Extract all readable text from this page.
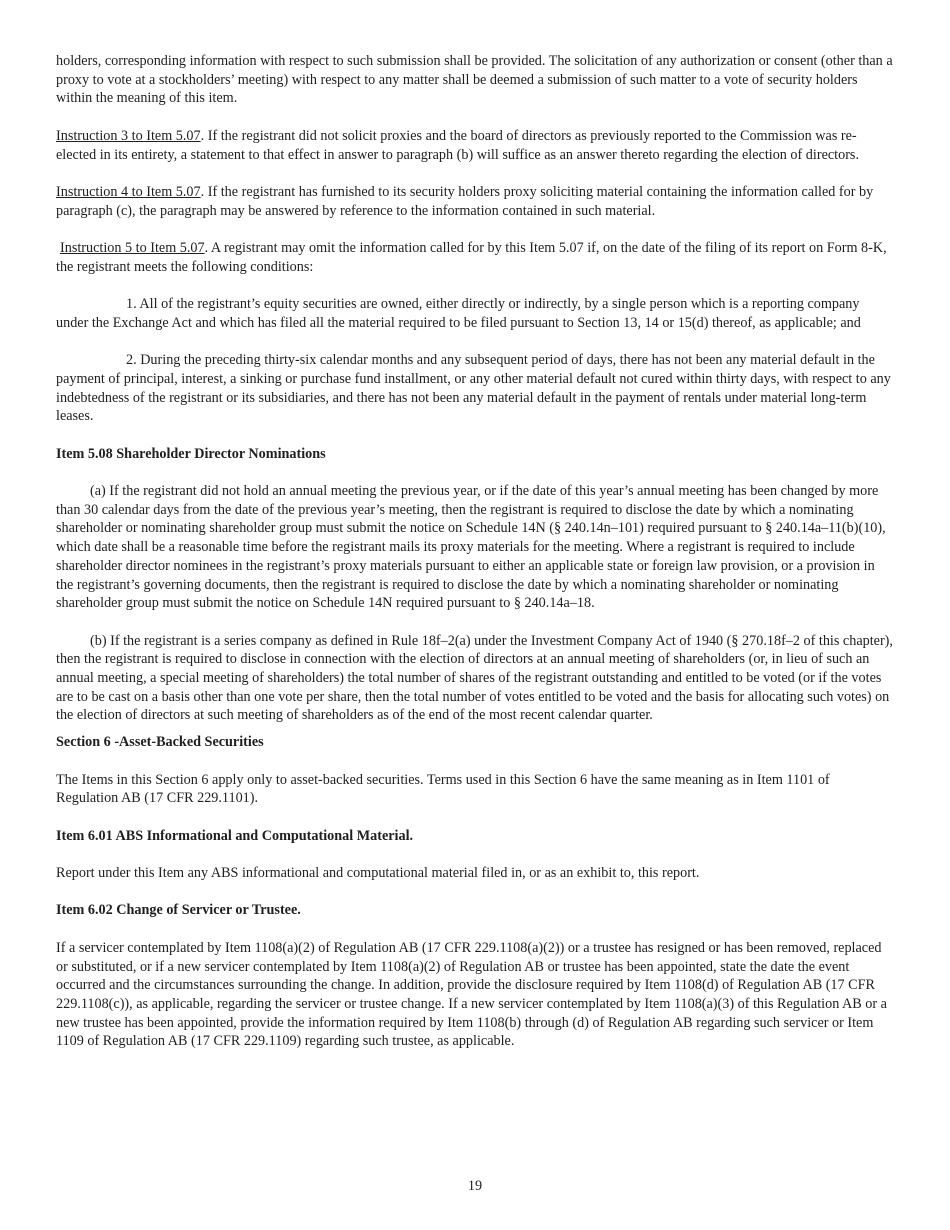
holders, corresponding information with respect to such submission shall be provided. The solicitation of any authorization or consent (other than a proxy to vote at a stockholders’ meeting) with respect to any matter shall be deemed a submission of such matter to a vote of security holders within the meaning of this item.

Instruction 3 to Item 5.07. If the registrant did not solicit proxies and the board of directors as previously reported to the Commission was re-elected in its entirety, a statement to that effect in answer to paragraph (b) will suffice as an answer thereto regarding the election of directors.

Instruction 4 to Item 5.07. If the registrant has furnished to its security holders proxy soliciting material containing the information called for by paragraph (c), the paragraph may be answered by reference to the information contained in such material.

Instruction 5 to Item 5.07. A registrant may omit the information called for by this Item 5.07 if, on the date of the filing of its report on Form 8-K, the registrant meets the following conditions:

1. All of the registrant’s equity securities are owned, either directly or indirectly, by a single person which is a reporting company under the Exchange Act and which has filed all the material required to be filed pursuant to Section 13, 14 or 15(d) thereof, as applicable; and

2. During the preceding thirty-six calendar months and any subsequent period of days, there has not been any material default in the payment of principal, interest, a sinking or purchase fund installment, or any other material default not cured within thirty days, with respect to any indebtedness of the registrant or its subsidiaries, and there has not been any material default in the payment of rentals under material long-term leases.

Item 5.08 Shareholder Director Nominations

(a) If the registrant did not hold an annual meeting the previous year, or if the date of this year’s annual meeting has been changed by more than 30 calendar days from the date of the previous year’s meeting, then the registrant is required to disclose the date by which a nominating shareholder or nominating shareholder group must submit the notice on Schedule 14N (§ 240.14n–101) required pursuant to § 240.14a–11(b)(10), which date shall be a reasonable time before the registrant mails its proxy materials for the meeting. Where a registrant is required to include shareholder director nominees in the registrant’s proxy materials pursuant to either an applicable state or foreign law provision, or a provision in the registrant’s governing documents, then the registrant is required to disclose the date by which a nominating shareholder or nominating shareholder group must submit the notice on Schedule 14N required pursuant to § 240.14a–18.

(b) If the registrant is a series company as defined in Rule 18f–2(a) under the Investment Company Act of 1940 (§ 270.18f–2 of this chapter), then the registrant is required to disclose in connection with the election of directors at an annual meeting of shareholders (or, in lieu of such an annual meeting, a special meeting of shareholders) the total number of shares of the registrant outstanding and entitled to be voted (or if the votes are to be cast on a basis other than one vote per share, then the total number of votes entitled to be voted and the basis for allocating such votes) on the election of directors at such meeting of shareholders as of the end of the most recent calendar quarter.

Section 6 -Asset-Backed Securities

The Items in this Section 6 apply only to asset-backed securities. Terms used in this Section 6 have the same meaning as in Item 1101 of Regulation AB (17 CFR 229.1101).

Item 6.01 ABS Informational and Computational Material.

Report under this Item any ABS informational and computational material filed in, or as an exhibit to, this report.

Item 6.02 Change of Servicer or Trustee.

If a servicer contemplated by Item 1108(a)(2) of Regulation AB (17 CFR 229.1108(a)(2)) or a trustee has resigned or has been removed, replaced or substituted, or if a new servicer contemplated by Item 1108(a)(2) of Regulation AB or trustee has been appointed, state the date the event occurred and the circumstances surrounding the change. In addition, provide the disclosure required by Item 1108(d) of Regulation AB (17 CFR 229.1108(c)), as applicable, regarding the servicer or trustee change. If a new servicer contemplated by Item 1108(a)(3) of this Regulation AB or a new trustee has been appointed, provide the information required by Item 1108(b) through (d) of Regulation AB regarding such servicer or Item 1109 of Regulation AB (17 CFR 229.1109) regarding such trustee, as applicable.

19
